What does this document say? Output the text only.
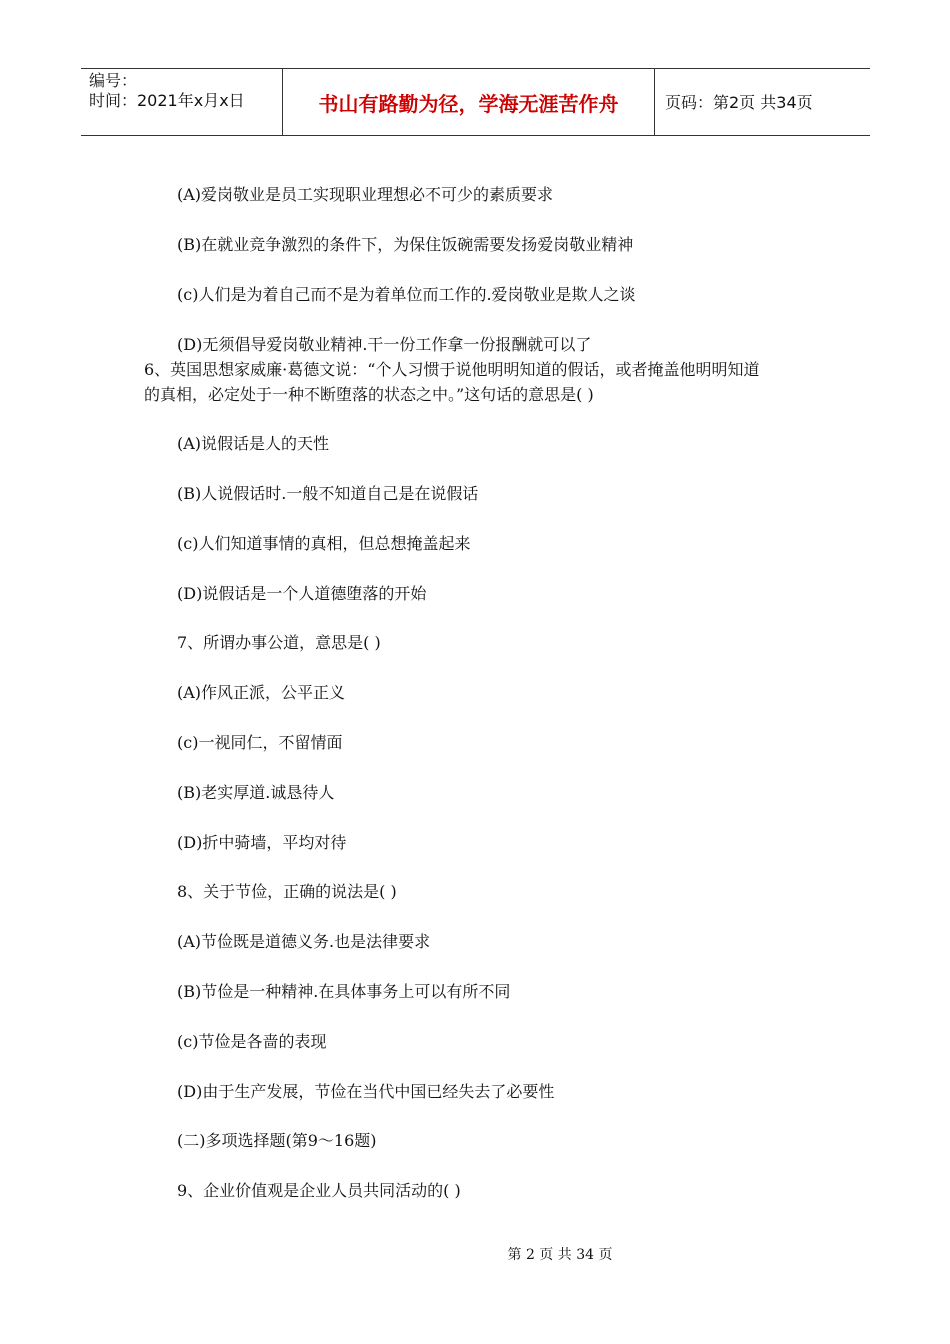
编号：
时间：2021年x月x日	书山有路勤为径，学海无涯苦作舟	页码：第2页 共34页
(A)爱岗敬业是员工实现职业理想必不可少的素质要求
(B)在就业竞争激烈的条件下，为保住饭碗需要发扬爱岗敬业精神
(c)人们是为着自己而不是为着单位而工作的.爱岗敬业是欺人之谈
(D)无须倡导爱岗敬业精神.干一份工作拿一份报酬就可以了
6、英国思想家威廉·葛德文说：“个人习惯于说他明明知道的假话，或者掩盖他明明知道
的真相，必定处于一种不断堕落的状态之中。”这句话的意思是( )
(A)说假话是人的天性
(B)人说假话时.一般不知道自己是在说假话
(c)人们知道事情的真相，但总想掩盖起来
(D)说假话是一个人道德堕落的开始
7、所谓办事公道，意思是( )
(A)作风正派，公平正义
(c)一视同仁，不留情面
(B)老实厚道.诚恳待人
(D)折中骑墙，平均对待
8、关于节俭，正确的说法是( )
(A)节俭既是道德义务.也是法律要求
(B)节俭是一种精神.在具体事务上可以有所不同
(c)节俭是各啬的表现
(D)由于生产发展，节俭在当代中国已经失去了必要性
(二)多项选择题(第9～16题)
9、企业价值观是企业人员共同活动的( )
第 2 页 共 34 页
